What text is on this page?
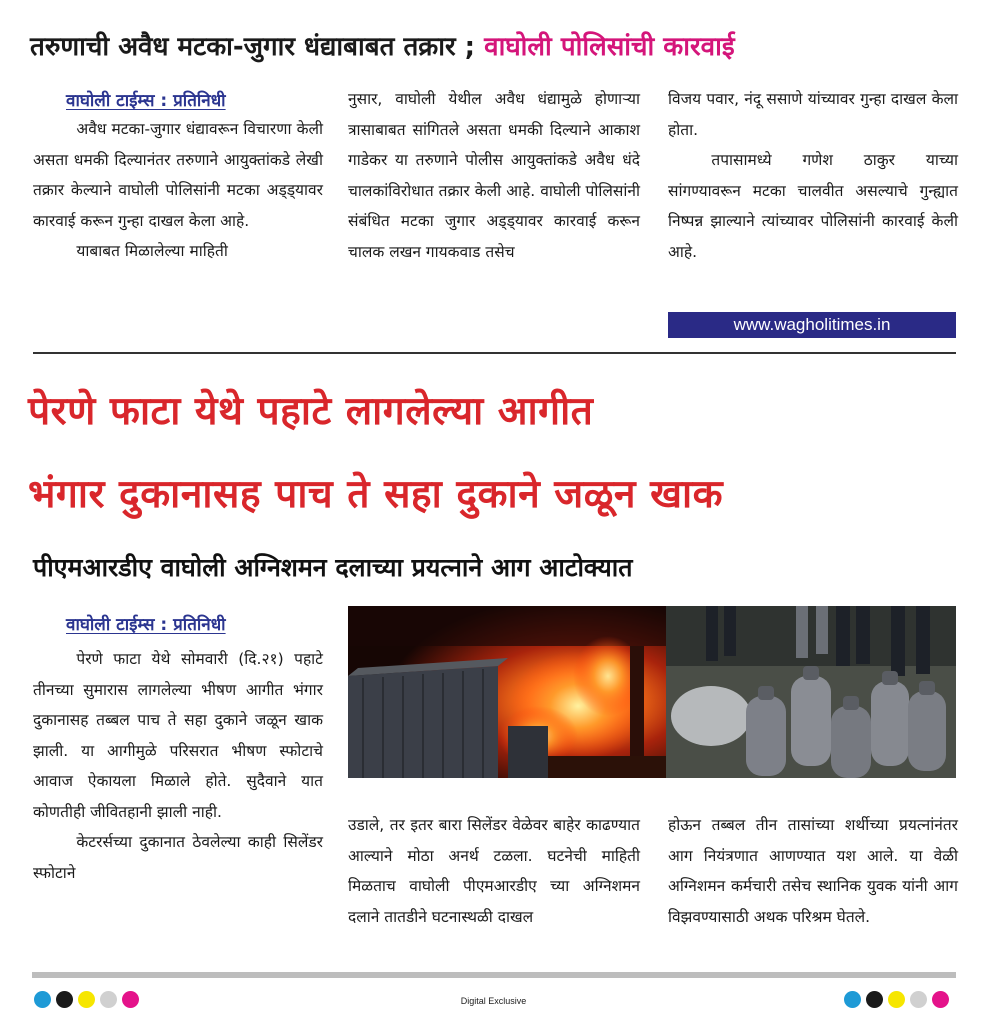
तरुणाची अवैध मटका-जुगार धंद्याबाबत तक्रार ; वाघोली पोलिसांची कारवाई
वाघोली टाईम्स : प्रतिनिधी

अवैध मटका-जुगार धंद्यावरून विचारणा केली असता धमकी दिल्यानंतर तरुणाने आयुक्तांकडे लेखी तक्रार केल्याने वाघोली पोलिसांनी मटका अड्ड्यावर कारवाई करून गुन्हा दाखल केला आहे.

याबाबत मिळालेल्या माहिती

नुसार, वाघोली येथील अवैध धंद्यामुळे होणाऱ्या त्रासाबाबत सांगितले असता धमकी दिल्याने आकाश गाडेकर या तरुणाने पोलीस आयुक्तांकडे अवैध धंदे चालकांविरोधात तक्रार केली आहे. वाघोली पोलिसांनी संबंधित मटका जुगार अड्ड्यावर कारवाई करून चालक लखन गायकवाड तसेच

विजय पवार, नंदू ससाणे यांच्यावर गुन्हा दाखल केला होता.

तपासामध्ये गणेश ठाकुर याच्या सांगण्यावरून मटका चालवीत असल्याचे गुन्ह्यात निष्पन्न झाल्याने त्यांच्यावर पोलिसांनी कारवाई केली आहे.

www.wagholitimes.in
पेरणे फाटा येथे पहाटे लागलेल्या आगीत
भंगार दुकानासह पाच ते सहा दुकाने जळून खाक
पीएमआरडीए वाघोली अग्निशमन दलाच्या प्रयत्नाने आग आटोक्यात
वाघोली टाईम्स : प्रतिनिधी

पेरणे फाटा येथे सोमवारी (दि.२१) पहाटे तीनच्या सुमारास लागलेल्या भीषण आगीत भंगार दुकानासह तब्बल पाच ते सहा दुकाने जळून खाक झाली. या आगीमुळे परिसरात भीषण स्फोटाचे आवाज ऐकायला मिळाले होते. सुदैवाने यात कोणतीही जीवितहानी झाली नाही.

केटरर्सच्या दुकानात ठेवलेल्या काही सिलेंडर स्फोटाने

उडाले, तर इतर बारा सिलेंडर वेळेवर बाहेर काढण्यात आल्याने मोठा अनर्थ टळला. घटनेची माहिती मिळताच वाघोली पीएमआरडीए च्या अग्निशमन दलाने तातडीने घटनास्थळी दाखल

होऊन तब्बल तीन तासांच्या शर्थीच्या प्रयत्नांनंतर आग नियंत्रणात आणण्यात यश आले. या वेळी अग्निशमन कर्मचारी तसेच स्थानिक युवक यांनी आग विझवण्यासाठी अथक परिश्रम घेतले.

Digital Exclusive
